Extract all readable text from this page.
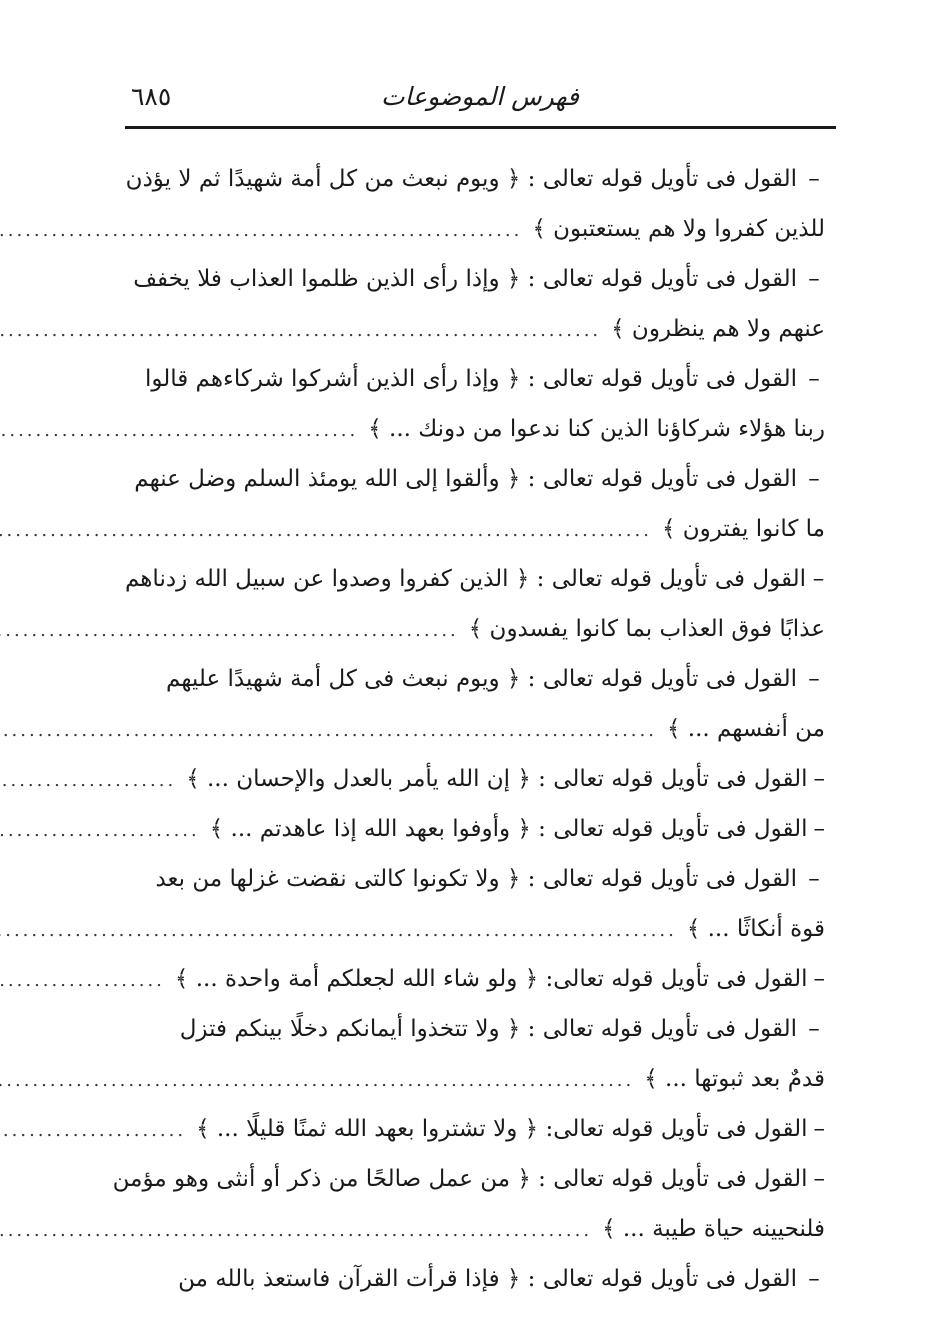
فهرس الموضوعات
٦٨٥
–
القول فى تأويل قوله تعالى : ﴿ ويوم نبعث من كل أمة شهيدًا ثم لا يؤذن
للذين كفروا ولا هم يستعتبون ﴾
.....
–
القول فى تأويل قوله تعالى : ﴿ وإذا رأى الذين ظلموا العذاب فلا يخفف
عنهم ولا هم ينظرون ﴾
.....
–
القول فى تأويل قوله تعالى : ﴿ وإذا رأى الذين أشركوا شركاءهم قالوا
ربنا هؤلاء شركاؤنا الذين كنا ندعوا من دونك ... ﴾
.....
–
القول فى تأويل قوله تعالى : ﴿ وألقوا إلى الله يومئذ السلم وضل عنهم
ما كانوا يفترون ﴾
.....
–
القول فى تأويل قوله تعالى : ﴿ الذين كفروا وصدوا عن سبيل الله زدناهم
عذابًا فوق العذاب بما كانوا يفسدون ﴾
.....
–
القول فى تأويل قوله تعالى : ﴿ ويوم نبعث فى كل أمة شهيدًا عليهم
من أنفسهم ... ﴾
.....
–
القول فى تأويل قوله تعالى : ﴿ إن الله يأمر بالعدل والإحسان ... ﴾
.....
–
القول فى تأويل قوله تعالى : ﴿ وأوفوا بعهد الله إذا عاهدتم ... ﴾
.....
–
القول فى تأويل قوله تعالى : ﴿ ولا تكونوا كالتى نقضت غزلها من بعد
قوة أنكاثًا ... ﴾
.....
–
القول فى تأويل قوله تعالى: ﴿ ولو شاء الله لجعلكم أمة واحدة ... ﴾
.....
–
القول فى تأويل قوله تعالى : ﴿ ولا تتخذوا أيمانكم دخلًا بينكم فتزل
قدمٌ بعد ثبوتها ... ﴾
.....
–
القول فى تأويل قوله تعالى: ﴿ ولا تشتروا بعهد الله ثمنًا قليلًا ... ﴾
.....
–
القول فى تأويل قوله تعالى : ﴿ من عمل صالحًا من ذكر أو أنثى وهو مؤمن
فلنحيينه حياة طيبة ... ﴾
.....
–
القول فى تأويل قوله تعالى : ﴿ فإذا قرأت القرآن فاستعذ بالله من
